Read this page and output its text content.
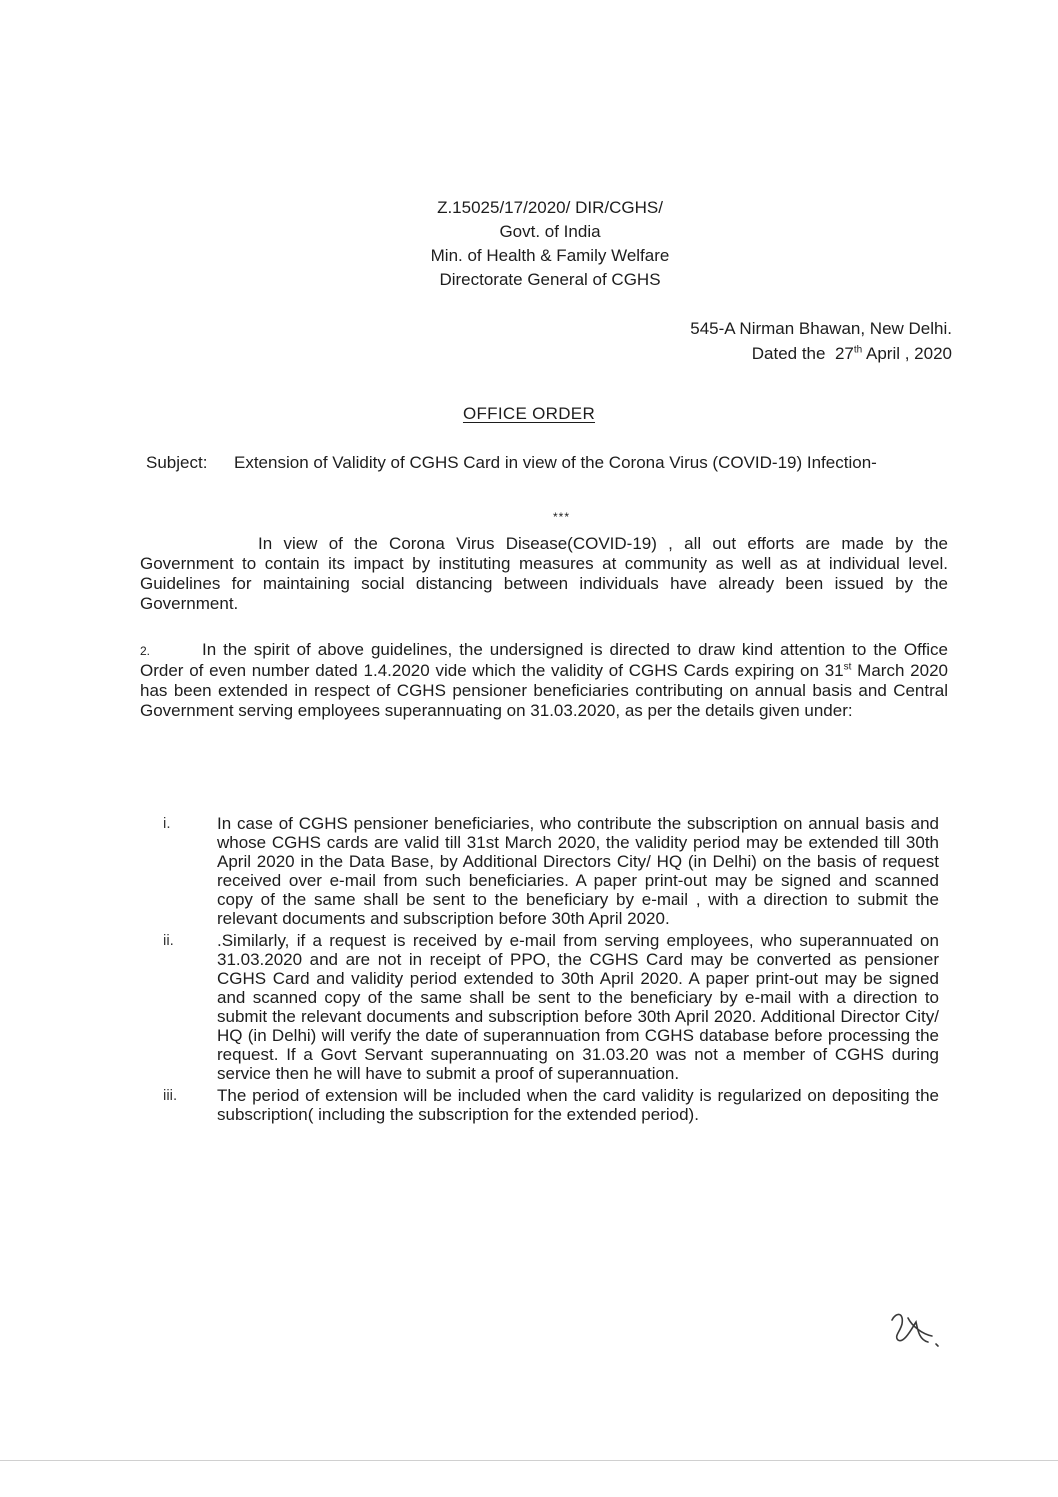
Z.15025/17/2020/ DIR/CGHS/
Govt. of India
Min. of Health & Family Welfare
Directorate General of CGHS
545-A Nirman Bhawan, New Delhi.
Dated the 27th April , 2020
OFFICE ORDER
Subject: Extension of Validity of CGHS Card in view of the Corona Virus (COVID-19) Infection-
***
In view of the Corona Virus Disease(COVID-19) , all out efforts are made by the Government to contain its impact by instituting measures at community as well as at individual level. Guidelines for maintaining social distancing between individuals have already been issued by the Government.
2.	In the spirit of above guidelines, the undersigned is directed to draw kind attention to the Office Order of even number dated 1.4.2020 vide which the validity of CGHS Cards expiring on 31st March 2020 has been extended in respect of CGHS pensioner beneficiaries contributing on annual basis and Central Government serving employees superannuating on 31.03.2020, as per the details given under:
i.	In case of CGHS pensioner beneficiaries, who contribute the subscription on annual basis and whose CGHS cards are valid till 31st March 2020, the validity period may be extended till 30th April 2020 in the Data Base, by Additional Directors City/ HQ (in Delhi) on the basis of request received over e-mail from such beneficiaries. A paper print-out may be signed and scanned copy of the same shall be sent to the beneficiary by e-mail , with a direction to submit the relevant documents and subscription before 30th April 2020.
ii.	.Similarly, if a request is received by e-mail from serving employees, who superannuated on 31.03.2020 and are not in receipt of PPO, the CGHS Card may be converted as pensioner CGHS Card and validity period extended to 30th April 2020. A paper print-out may be signed and scanned copy of the same shall be sent to the beneficiary by e-mail with a direction to submit the relevant documents and subscription before 30th April 2020. Additional Director City/ HQ (in Delhi) will verify the date of superannuation from CGHS database before processing the request. If a Govt Servant superannuating on 31.03.20 was not a member of CGHS during service then he will have to submit a proof of superannuation.
iii. The period of extension will be included when the card validity is regularized on depositing the subscription( including the subscription for the extended period).
